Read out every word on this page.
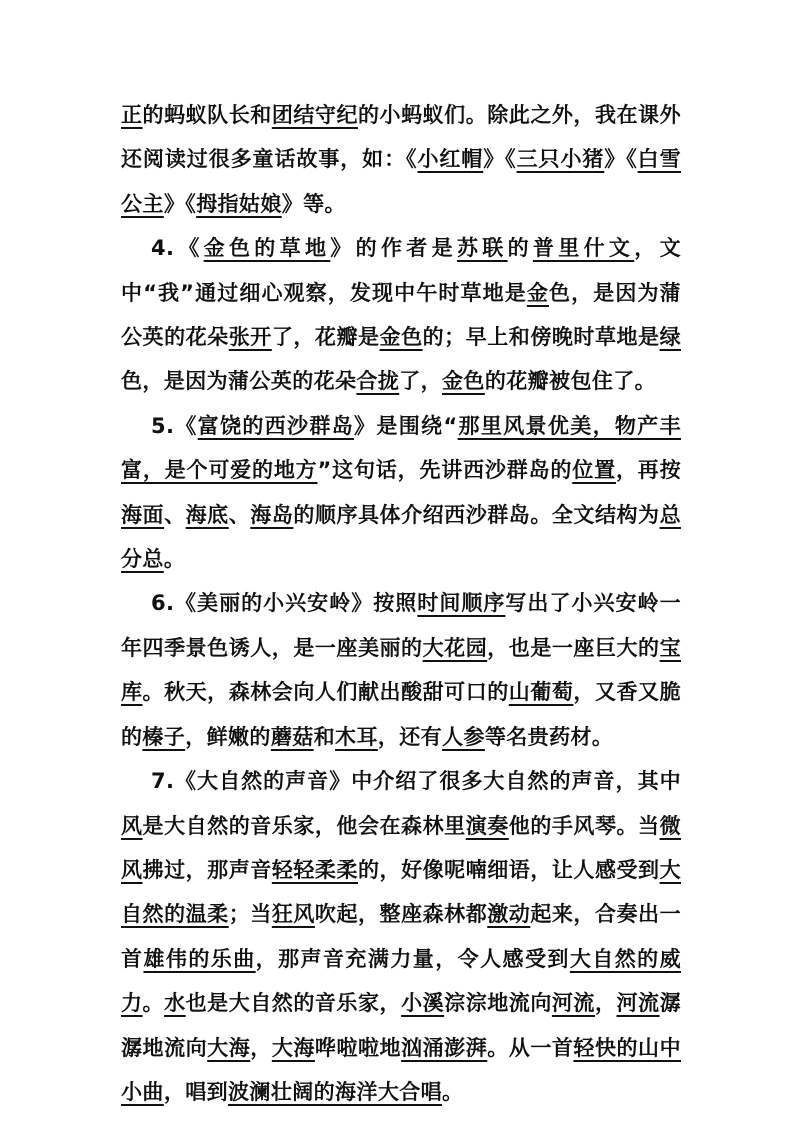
正的蚂蚁队长和团结守纪的小蚂蚁们。除此之外，我在课外还阅读过很多童话故事，如：《小红帽》《三只小猪》《白雪公主》《拇指姑娘》等。

4.《金色的草地》的作者是苏联的普里什文，文中“我”通过细心观察，发现中午时草地是金色，是因为蒲公英的花朵张开了，花瓣是金色的；早上和傍晚时草地是绿色，是因为蒲公英的花朵合拢了，金色的花瓣被包住了。

5.《富饶的西沙群岛》是围绕“那里风景优美，物产丰富，是个可爱的地方”这句话，先讲西沙群岛的位置，再按海面、海底、海岛的顺序具体介绍西沙群岛。全文结构为总分总。

6.《美丽的小兴安岭》按照时间顺序写出了小兴安岭一年四季景色诱人，是一座美丽的大花园，也是一座巨大的宝库。秋天，森林会向人们献出酸甜可口的山葡萄，又香又脆的榛子，鲜嫩的蘑菇和木耳，还有人参等名贵药材。

7.《大自然的声音》中介绍了很多大自然的声音，其中风是大自然的音乐家，他会在森林里演奏他的手风琴。当微风拂过，那声音轻轻柔柔的，好像呢喃细语，让人感受到大自然的温柔；当狂风吹起，整座森林都激动起来，合奏出一首雄伟的乐曲，那声音充满力量，令人感受到大自然的威力。水也是大自然的音乐家，小溪淙淙地流向河流，河流潺潺地流向大海，大海哗啦啦地汹涌澎湃。从一首轻快的山中小曲，唱到波澜壮阔的海洋大合唱。
